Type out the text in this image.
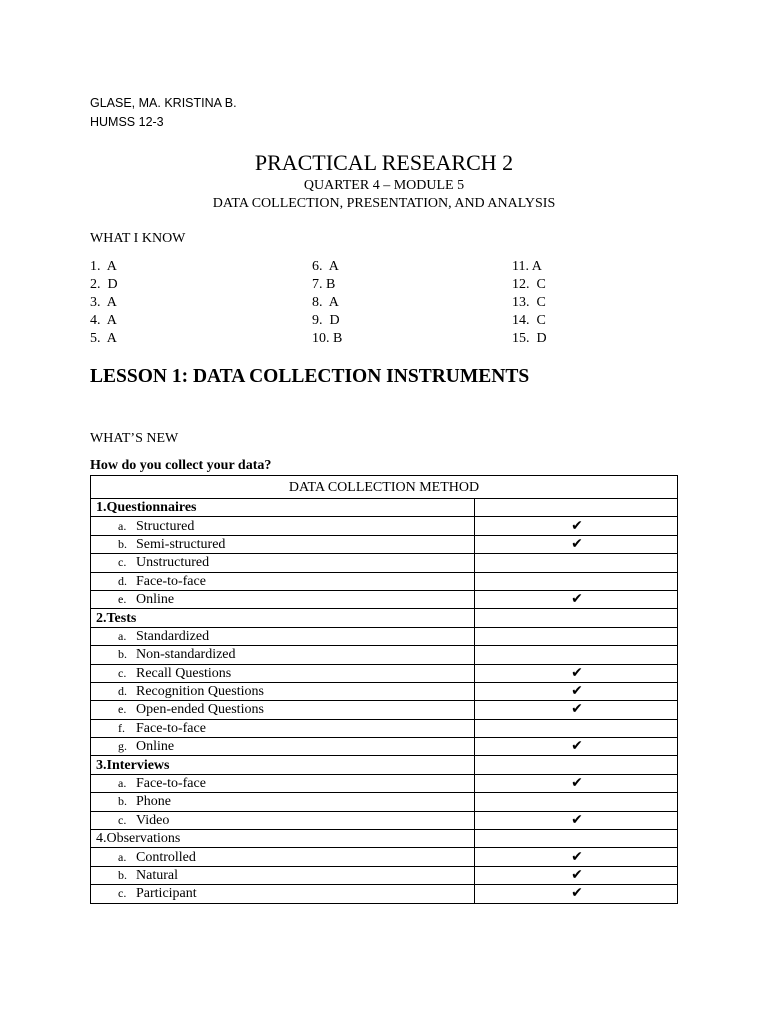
GLASE, MA. KRISTINA B.
HUMSS 12-3
PRACTICAL RESEARCH 2
QUARTER 4 – MODULE 5
DATA COLLECTION, PRESENTATION, AND ANALYSIS
WHAT I KNOW
1.  A
2.  D
3.  A
4.  A
5.  A
6.  A
7. B
8.  A
9.  D
10. B
11. A
12.  C
13.  C
14.  C
15.  D
LESSON 1: DATA COLLECTION INSTRUMENTS
WHAT’S NEW
How do you collect your data?
DATA COLLECTION METHOD	
1.Questionnaires	
a. Structured	✔
b. Semi-structured	✔
c. Unstructured	
d. Face-to-face	
e. Online	✔
2.Tests	
a. Standardized	
b. Non-standardized	
c. Recall Questions	✔
d. Recognition Questions	✔
e. Open-ended Questions	✔
f. Face-to-face	
g. Online	✔
3.Interviews	
a. Face-to-face	✔
b. Phone	
c. Video	✔
4.Observations	
a. Controlled	✔
b. Natural	✔
c. Participant	✔
